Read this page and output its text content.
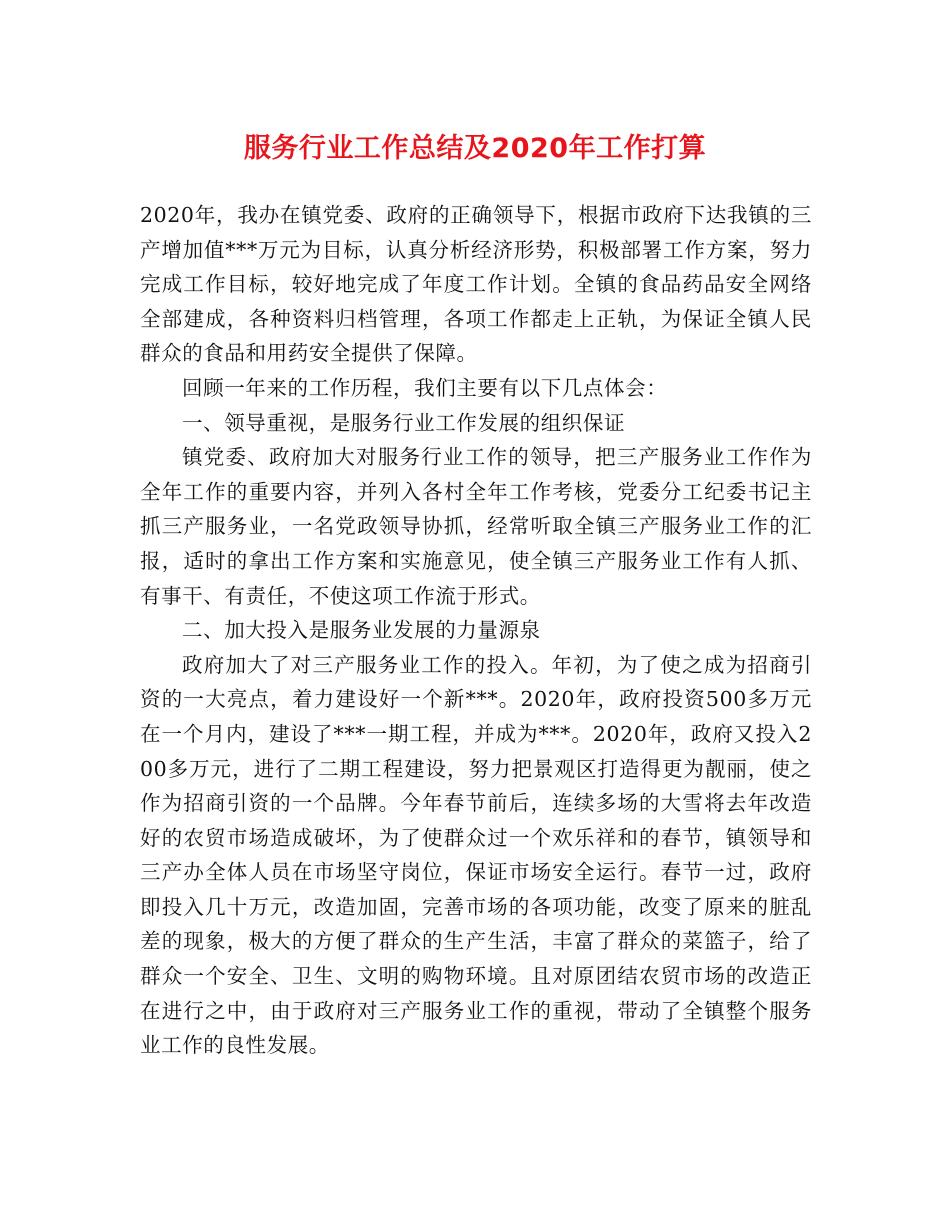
服务行业工作总结及2020年工作打算

2020年，我办在镇党委、政府的正确领导下，根据市政府下达我镇的三产增加值***万元为目标，认真分析经济形势，积极部署工作方案，努力完成工作目标，较好地完成了年度工作计划。全镇的食品药品安全网络全部建成，各种资料归档管理，各项工作都走上正轨，为保证全镇人民群众的食品和用药安全提供了保障。

回顾一年来的工作历程，我们主要有以下几点体会：

一、领导重视，是服务行业工作发展的组织保证

镇党委、政府加大对服务行业工作的领导，把三产服务业工作作为全年工作的重要内容，并列入各村全年工作考核，党委分工纪委书记主抓三产服务业，一名党政领导协抓，经常听取全镇三产服务业工作的汇报，适时的拿出工作方案和实施意见，使全镇三产服务业工作有人抓、有事干、有责任，不使这项工作流于形式。

二、加大投入是服务业发展的力量源泉

政府加大了对三产服务业工作的投入。年初，为了使之成为招商引资的一大亮点，着力建设好一个新***。2020年，政府投资500多万元在一个月内，建设了***一期工程，并成为***。2020年，政府又投入200多万元，进行了二期工程建设，努力把景观区打造得更为靓丽，使之作为招商引资的一个品牌。今年春节前后，连续多场的大雪将去年改造好的农贸市场造成破坏，为了使群众过一个欢乐祥和的春节，镇领导和三产办全体人员在市场坚守岗位，保证市场安全运行。春节一过，政府即投入几十万元，改造加固，完善市场的各项功能，改变了原来的脏乱差的现象，极大的方便了群众的生产生活，丰富了群众的菜篮子，给了群众一个安全、卫生、文明的购物环境。且对原团结农贸市场的改造正在进行之中，由于政府对三产服务业工作的重视，带动了全镇整个服务业工作的良性发展。
